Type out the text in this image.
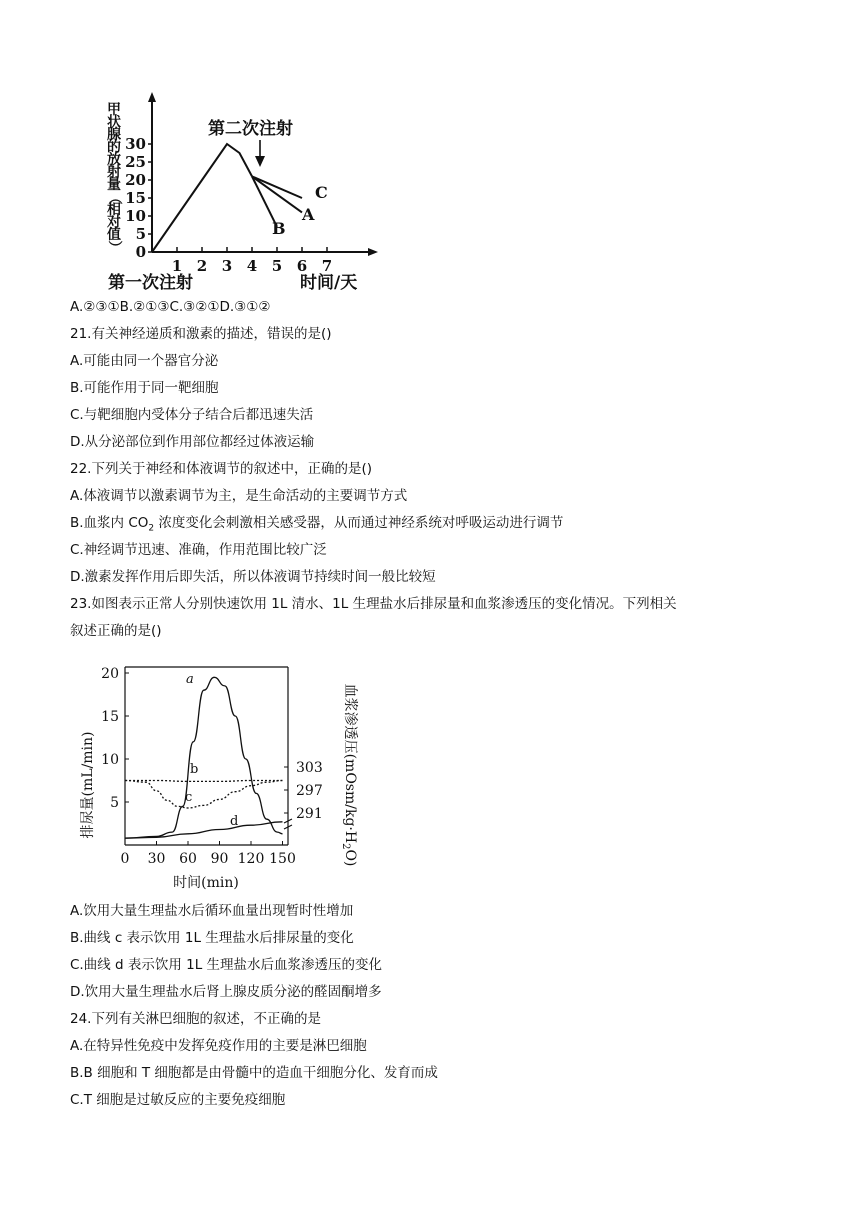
甲
状
腺
的
放
射
量
（
相
对
值
） 0
5
10
15
20
25
30
1 2 3 4 5 6 7
第二次注射
C
A
B
第一次注射	时间/天
A.②③①B.②①③C.③②①D.③①②
21.有关神经递质和激素的描述，错误的是()
A.可能由同一个器官分泌
B.可能作用于同一靶细胞
C.与靶细胞内受体分子结合后都迅速失活
D.从分泌部位到作用部位都经过体液运输
22.下列关于神经和体液调节的叙述中，正确的是()
A.体液调节以激素调节为主，是生命活动的主要调节方式
B.血浆内 $CO_2$ 浓度变化会刺激相关感受器，从而通过神经系统对呼吸运动进行调节
C.神经调节迅速、准确，作用范围比较广泛
D.激素发挥作用后即失活，所以体液调节持续时间一般比较短
23.如图表示正常人分别快速饮用 1L 清水、1L 生理盐水后排尿量和血浆渗透压的变化情况。下列相关
叙述正确的是()
排尿量(mL/min)	血浆渗透压$(mOsm/kg\cdot H_2O)$
20
15
10
5
0 30 60 90 120 150
303
297
291
a
b
c
d
时间(min)
A.饮用大量生理盐水后循环血量出现暂时性增加
B.曲线 c 表示饮用 1L 生理盐水后排尿量的变化
C.曲线 d 表示饮用 1L 生理盐水后血浆渗透压的变化
D.饮用大量生理盐水后肾上腺皮质分泌的醛固酮增多
24.下列有关淋巴细胞的叙述，不正确的是
A.在特异性免疫中发挥免疫作用的主要是淋巴细胞
B.B 细胞和 T 细胞都是由骨髓中的造血干细胞分化、发育而成
C.T 细胞是过敏反应的主要免疫细胞
